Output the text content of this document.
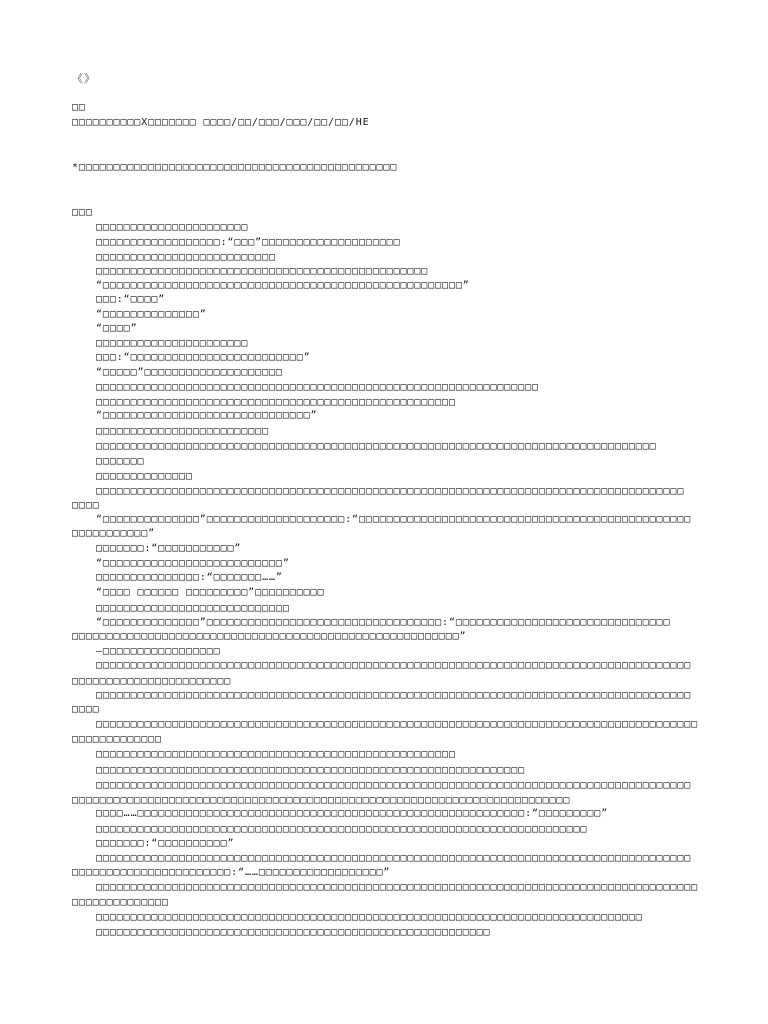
《》
□□
□□□□□□□□□□X□□□□□□□ □□□□/□□/□□□/□□□/□□/□□/HE
*□□□□□□□□□□□□□□□□□□□□□□□□□□□□□□□□□□□□□□□□□□□□□□
□□□
□□□□□□□□□□□□□□□□□□□□□□
□□□□□□□□□□□□□□□□□□:“□□□”□□□□□□□□□□□□□□□□□□□□
□□□□□□□□□□□□□□□□□□□□□□□□□□
□□□□□□□□□□□□□□□□□□□□□□□□□□□□□□□□□□□□□□□□□□□□□□□□
“□□□□□□□□□□□□□□□□□□□□□□□□□□□□□□□□□□□□□□□□□□□□□□□□□□□□”
□□□:“□□□□”
“□□□□□□□□□□□□□□”
“□□□□”
□□□□□□□□□□□□□□□□□□□□□□
□□□:“□□□□□□□□□□□□□□□□□□□□□□□□□”
“□□□□□”□□□□□□□□□□□□□□□□□□□□
□□□□□□□□□□□□□□□□□□□□□□□□□□□□□□□□□□□□□□□□□□□□□□□□□□□□□□□□□□□□□□□□
□□□□□□□□□□□□□□□□□□□□□□□□□□□□□□□□□□□□□□□□□□□□□□□□□□□□
“□□□□□□□□□□□□□□□□□□□□□□□□□□□□□□”
□□□□□□□□□□□□□□□□□□□□□□□□□
□□□□□□□□□□□□□□□□□□□□□□□□□□□□□□□□□□□□□□□□□□□□□□□□□□□□□□□□□□□□□□□□□□□□□□□□□□□□□□□□□
□□□□□□□
□□□□□□□□□□□□□□
□□□□□□□□□□□□□□□□□□□□□□□□□□□□□□□□□□□□□□□□□□□□□□□□□□□□□□□□□□□□□□□□□□□□□□□□□□□□□□□□□□□□□
□□□□
“□□□□□□□□□□□□□□”□□□□□□□□□□□□□□□□□□□□:“□□□□□□□□□□□□□□□□□□□□□□□□□□□□□□□□□□□□□□□□□□□□□□□□
□□□□□□□□□□□”
□□□□□□□:“□□□□□□□□□□□”
“□□□□□□□□□□□□□□□□□□□□□□□□□□”
□□□□□□□□□□□□□□□:“□□□□□□□……”
“□□□□ □□□□□□ □□□□□□□□□”□□□□□□□□□□
□□□□□□□□□□□□□□□□□□□□□□□□□□□□
“□□□□□□□□□□□□□□”□□□□□□□□□□□□□□□□□□□□□□□□□□□□□□□□□□:“□□□□□□□□□□□□□□□□□□□□□□□□□□□□□□□
□□□□□□□□□□□□□□□□□□□□□□□□□□□□□□□□□□□□□□□□□□□□□□□□□□□□□□□□”
—□□□□□□□□□□□□□□□□□
□□□□□□□□□□□□□□□□□□□□□□□□□□□□□□□□□□□□□□□□□□□□□□□□□□□□□□□□□□□□□□□□□□□□□□□□□□□□□□□□□□□□□□
□□□□□□□□□□□□□□□□□□□□□□□
□□□□□□□□□□□□□□□□□□□□□□□□□□□□□□□□□□□□□□□□□□□□□□□□□□□□□□□□□□□□□□□□□□□□□□□□□□□□□□□□□□□□□□
□□□□
□□□□□□□□□□□□□□□□□□□□□□□□□□□□□□□□□□□□□□□□□□□□□□□□□□□□□□□□□□□□□□□□□□□□□□□□□□□□□□□□□□□□□□□
□□□□□□□□□□□□□
□□□□□□□□□□□□□□□□□□□□□□□□□□□□□□□□□□□□□□□□□□□□□□□□□□□□
□□□□□□□□□□□□□□□□□□□□□□□□□□□□□□□□□□□□□□□□□□□□□□□□□□□□□□□□□□□□□□
□□□□□□□□□□□□□□□□□□□□□□□□□□□□□□□□□□□□□□□□□□□□□□□□□□□□□□□□□□□□□□□□□□□□□□□□□□□□□□□□□□□□□□
□□□□□□□□□□□□□□□□□□□□□□□□□□□□□□□□□□□□□□□□□□□□□□□□□□□□□□□□□□□□□□□□□□□□□□□□
□□□□……□□□□□□□□□□□□□□□□□□□□□□□□□□□□□□□□□□□□□□□□□□□□□□□□□□□□□□□□:“□□□□□□□□□”
□□□□□□□□□□□□□□□□□□□□□□□□□□□□□□□□□□□□□□□□□□□□□□□□□□□□□□□□□□□□□□□□□□□□□□□
□□□□□□□:“□□□□□□□□□□”
□□□□□□□□□□□□□□□□□□□□□□□□□□□□□□□□□□□□□□□□□□□□□□□□□□□□□□□□□□□□□□□□□□□□□□□□□□□□□□□□□□□□□□
□□□□□□□□□□□□□□□□□□□□□□□:“……□□□□□□□□□□□□□□□□□□”
□□□□□□□□□□□□□□□□□□□□□□□□□□□□□□□□□□□□□□□□□□□□□□□□□□□□□□□□□□□□□□□□□□□□□□□□□□□□□□□□□□□□□□□
□□□□□□□□□□□□□□
□□□□□□□□□□□□□□□□□□□□□□□□□□□□□□□□□□□□□□□□□□□□□□□□□□□□□□□□□□□□□□□□□□□□□□□□□□□□□□□
□□□□□□□□□□□□□□□□□□□□□□□□□□□□□□□□□□□□□□□□□□□□□□□□□□□□□□□□□
